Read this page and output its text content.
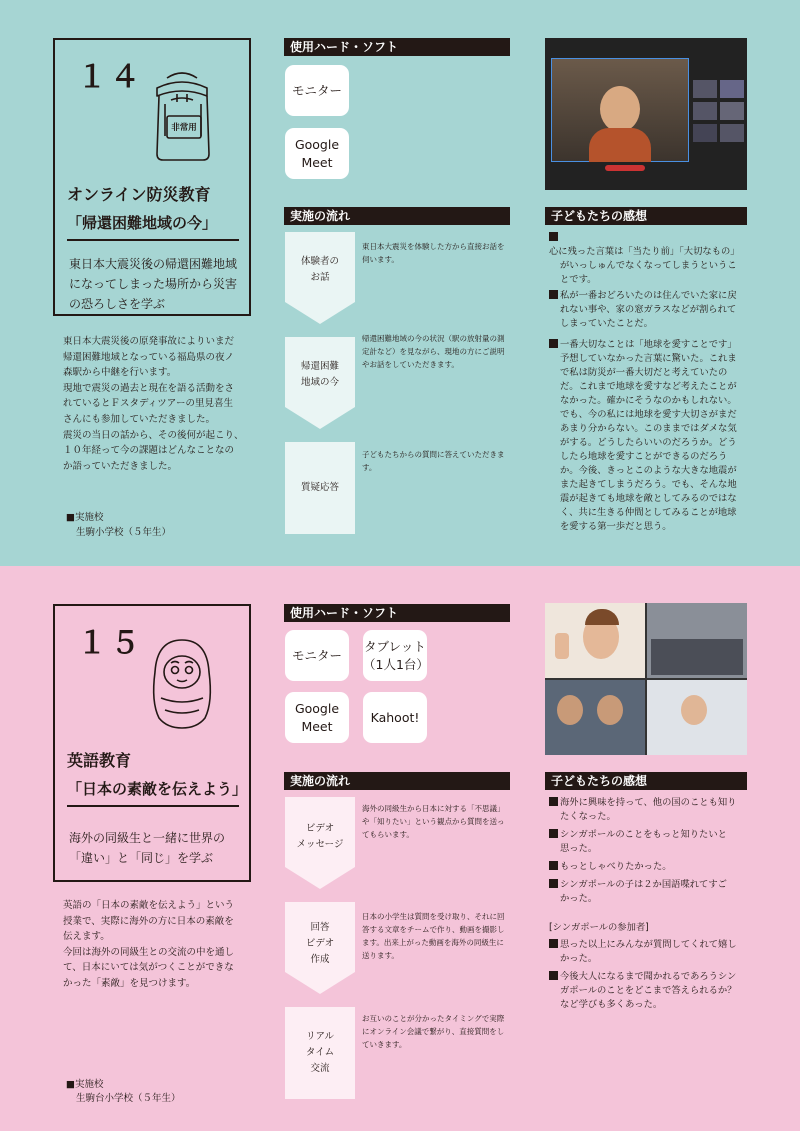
１４
非常用
オンライン防災教育
「帰還困難地域の今」
東日本大震災後の帰還困難地域
になってしまった場所から災害
の恐ろしさを学ぶ
東日本大震災後の原発事故によりいまだ
帰還困難地域となっている福島県の夜ノ
森駅から中継を行います。
現地で震災の過去と現在を語る活動をさ
れているとＦスタディツアーの里見喜生
さんにも参加していただきました。
震災の当日の話から、その後何が起こり、
１０年経って今の課題はどんなことなの
か語っていただきました。
■実施校
生駒小学校（５年生）
使用ハード・ソフト
モニター
Google
Meet
実施の流れ
体験者の
お話
東日本大震災を体験した方から直接お話を
伺います。
帰還困難
地域の今
帰還困難地域の今の状況（駅の放射量の測
定計など）を見ながら、現地の方にご説明
やお話をしていただきます。
質疑応答
子どもたちからの質問に答えていただきま
す。
子どもたちの感想
心に残った言葉は「当たり前」「大切なもの」
がいっしゅんでなくなってしまうというこ
とです。
私が一番おどろいたのは住んでいた家に戻
れない事や、家の窓ガラスなどが割られて
しまっていたことだ。
一番大切なことは「地球を愛すことです」
予想していなかった言葉に驚いた。これま
で私は防災が一番大切だと考えていたの
だ。これまで地球を愛すなど考えたことが
なかった。確かにそうなのかもしれない。
でも、今の私には地球を愛す大切さがまだ
あまり分からない。このままではダメな気
がする。どうしたらいいのだろうか。どう
したら地球を愛すことができるのだろう
か。今後、きっとこのような大きな地震が
また起きてしまうだろう。でも、そんな地
震が起きても地球を敵としてみるのではな
く、共に生きる仲間としてみることが地球
を愛する第一歩だと思う。
１５
英語教育
「日本の素敵を伝えよう」
海外の同級生と一緒に世界の
「違い」と「同じ」を学ぶ
英語の「日本の素敵を伝えよう」という
授業で、実際に海外の方に日本の素敵を
伝えます。
今回は海外の同級生との交流の中を通し
て、日本にいては気がつくことができな
かった「素敵」を見つけます。
■実施校
生駒台小学校（５年生）
使用ハード・ソフト
モニター
タブレット
（1人1台）
Google
Meet
Kahoot!
実施の流れ
ビデオ
メッセージ
海外の同級生から日本に対する「不思議」
や「知りたい」という観点から質問を送っ
てもらいます。
回答
ビデオ
作成
日本の小学生は質問を受け取り、それに回
答する文章をチームで作り、動画を撮影し
ます。出来上がった動画を海外の同級生に
送ります。
リアル
タイム
交流
お互いのことが分かったタイミングで実際
にオンライン会議で繋がり、直接質問をし
ていきます。
子どもたちの感想
海外に興味を持って、他の国のことも知り
たくなった。
シンガポールのことをもっと知りたいと
思った。
もっとしゃべりたかった。
シンガポールの子は２か国語喋れてすご
かった。
[シンガポールの参加者]
思った以上にみんなが質問してくれて嬉し
かった。
今後大人になるまで聞かれるであろうシン
ガポールのことをどこまで答えられるか？
など学びも多くあった。
